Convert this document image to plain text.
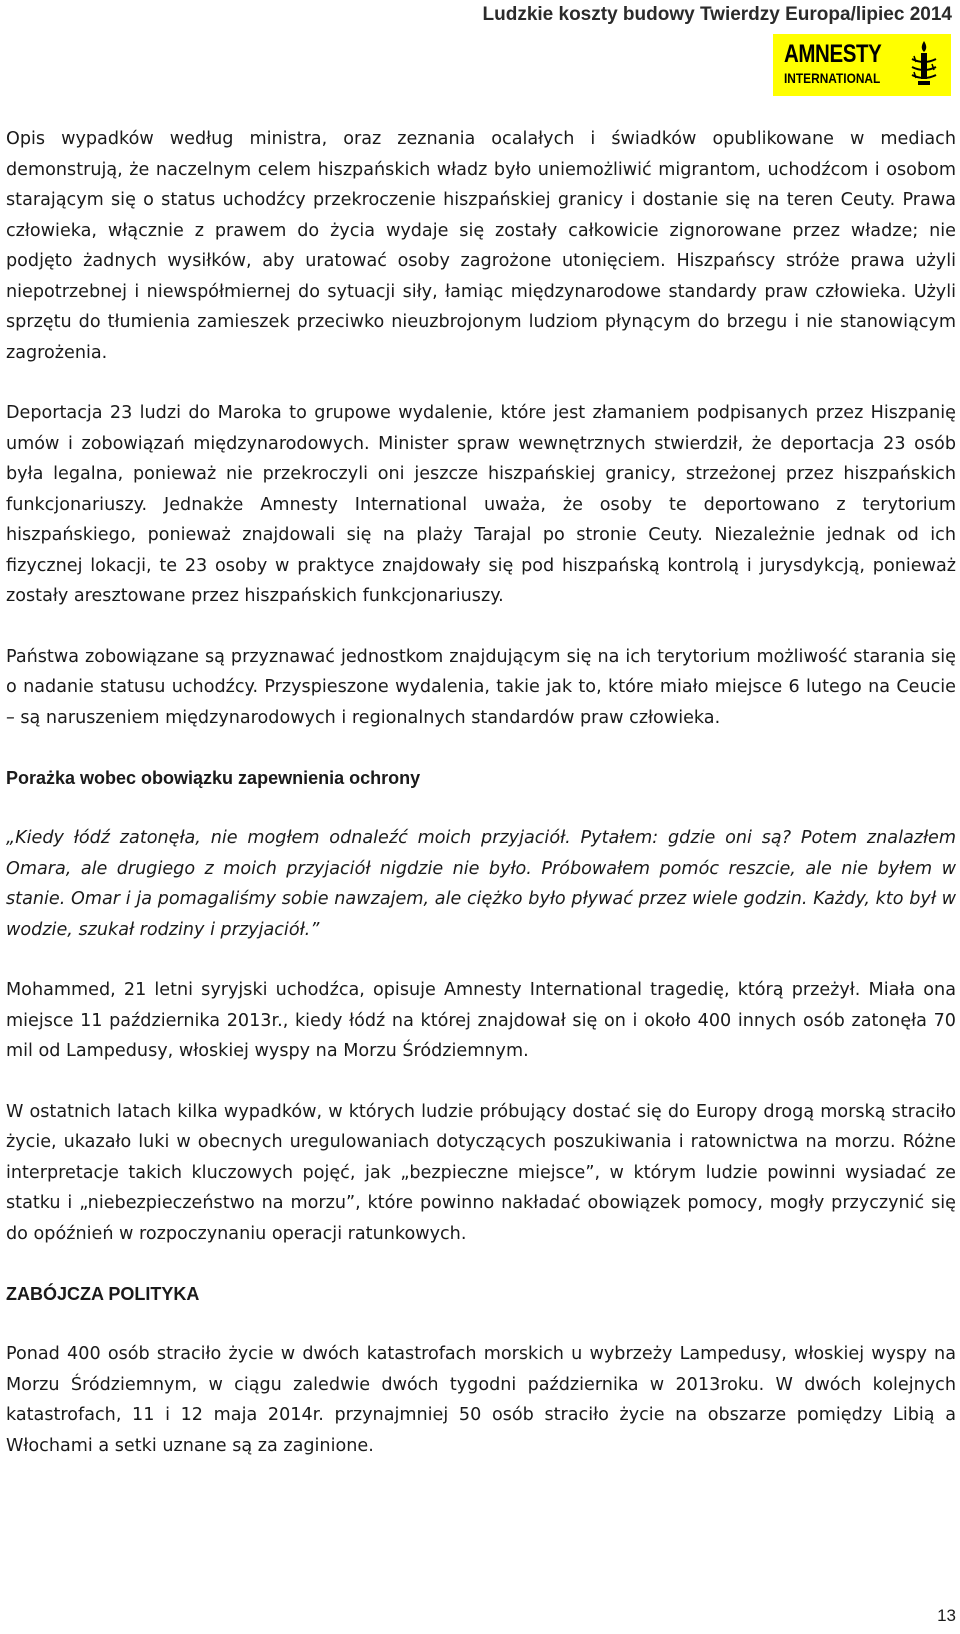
Ludzkie koszty budowy Twierdzy Europa/lipiec 2014
AMNESTY
INTERNATIONAL

Opis wypadków według ministra, oraz zeznania ocalałych i świadków opublikowane w mediach demonstrują, że naczelnym celem hiszpańskich władz było uniemożliwić migrantom, uchodźcom i osobom starającym się o status uchodźcy przekroczenie hiszpańskiej granicy i dostanie się na teren Ceuty. Prawa człowieka, włącznie z prawem do życia wydaje się zostały całkowicie zignorowane przez władze; nie podjęto żadnych wysiłków, aby uratować osoby zagrożone utonięciem. Hiszpańscy stróże prawa użyli niepotrzebnej i niewspółmiernej do sytuacji siły, łamiąc międzynarodowe standardy praw człowieka. Użyli sprzętu do tłumienia zamieszek przeciwko nieuzbrojonym ludziom płynącym do brzegu i nie stanowiącym zagrożenia.

Deportacja 23 ludzi do Maroka to grupowe wydalenie, które jest złamaniem podpisanych przez Hiszpanię umów i zobowiązań międzynarodowych. Minister spraw wewnętrznych stwierdził, że deportacja 23 osób była legalna, ponieważ nie przekroczyli oni jeszcze hiszpańskiej granicy, strzeżonej przez hiszpańskich funkcjonariuszy. Jednakże Amnesty International uważa, że osoby te deportowano z terytorium hiszpańskiego, ponieważ znajdowali się na plaży Tarajal po stronie Ceuty. Niezależnie jednak od ich fizycznej lokacji, te 23 osoby w praktyce znajdowały się pod hiszpańską kontrolą i jurysdykcją, ponieważ zostały aresztowane przez hiszpańskich funkcjonariuszy.

Państwa zobowiązane są przyznawać jednostkom znajdującym się na ich terytorium możliwość starania się o nadanie statusu uchodźcy. Przyspieszone wydalenia, takie jak to, które miało miejsce 6 lutego na Ceucie – są naruszeniem międzynarodowych i regionalnych standardów praw człowieka.

Porażka wobec obowiązku zapewnienia ochrony

„Kiedy łódź zatonęła, nie mogłem odnaleźć moich przyjaciół. Pytałem: gdzie oni są? Potem znalazłem Omara, ale drugiego z moich przyjaciół nigdzie nie było. Próbowałem pomóc reszcie, ale nie byłem w stanie. Omar i ja pomagaliśmy sobie nawzajem, ale ciężko było pływać przez wiele godzin. Każdy, kto był w wodzie, szukał rodziny i przyjaciół.”

Mohammed, 21 letni syryjski uchodźca, opisuje Amnesty International tragedię, którą przeżył. Miała ona miejsce 11 października 2013r., kiedy łódź na której znajdował się on i około 400 innych osób zatonęła 70 mil od Lampedusy, włoskiej wyspy na Morzu Śródziemnym.

W ostatnich latach kilka wypadków, w których ludzie próbujący dostać się do Europy drogą morską straciło życie, ukazało luki w obecnych uregulowaniach dotyczących poszukiwania i ratownictwa na morzu. Różne interpretacje takich kluczowych pojęć, jak „bezpieczne miejsce”, w którym ludzie powinni wysiadać ze statku i „niebezpieczeństwo na morzu”, które powinno nakładać obowiązek pomocy, mogły przyczynić się do opóźnień w rozpoczynaniu operacji ratunkowych.

ZABÓJCZA POLITYKA

Ponad 400 osób straciło życie w dwóch katastrofach morskich u wybrzeży Lampedusy, włoskiej wyspy na Morzu Śródziemnym, w ciągu zaledwie dwóch tygodni października w 2013roku. W dwóch kolejnych katastrofach, 11 i 12 maja 2014r. przynajmniej 50 osób straciło życie na obszarze pomiędzy Libią a Włochami a setki uznane są za zaginione.

13
